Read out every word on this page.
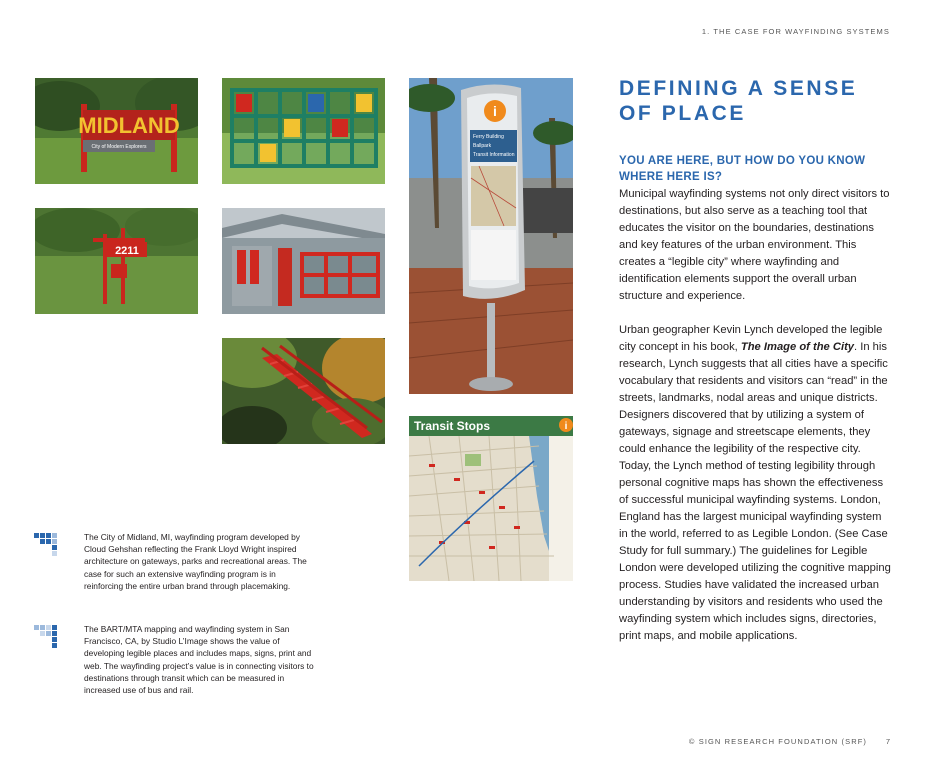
1. THE CASE FOR WAYFINDING SYSTEMS
MIDLAND
City of Modern Explorers
i
Ferry Building
Ballpark
Transit Information
2211
Transit Stops	i
DEFINING A SENSE OF PLACE
YOU ARE HERE, BUT HOW DO YOU KNOW WHERE HERE IS?

Municipal wayfinding systems not only direct visitors to destinations, but also serve as a teaching tool that educates the visitor on the boundaries, destinations and key features of the urban environment. This creates a “legible city” where wayfinding and identification elements support the overall urban structure and experience.

Urban geographer Kevin Lynch developed the legible city concept in his book, The Image of the City. In his research, Lynch suggests that all cities have a specific vocabulary that residents and visitors can “read” in the streets, landmarks, nodal areas and unique districts. Designers discovered that by utilizing a system of gateways, signage and streetscape elements, they could enhance the legibility of the respective city. Today, the Lynch method of testing legibility through personal cognitive maps has shown the effectiveness of successful municipal wayfinding systems. London, England has the largest municipal wayfinding system in the world, referred to as Legible London. (See Case Study for full summary.) The guidelines for Legible London were developed utilizing the cognitive mapping process. Studies have validated the increased urban understanding by visitors and residents who used the wayfinding system which includes signs, directories, print maps, and mobile applications.

The City of Midland, MI, wayfinding program developed by Cloud Gehshan reflecting the Frank Lloyd Wright inspired architecture on gateways, parks and recreational areas. The case for such an extensive wayfinding program is in reinforcing the entire urban brand through placemaking.

The BART/MTA mapping and wayfinding system in San Francisco, CA, by Studio L’Image shows the value of developing legible places and includes maps, signs, print and web. The wayfinding project’s value is in connecting visitors to destinations through transit which can be measured in increased use of bus and rail.

© SIGN RESEARCH FOUNDATION (SRF)	7
